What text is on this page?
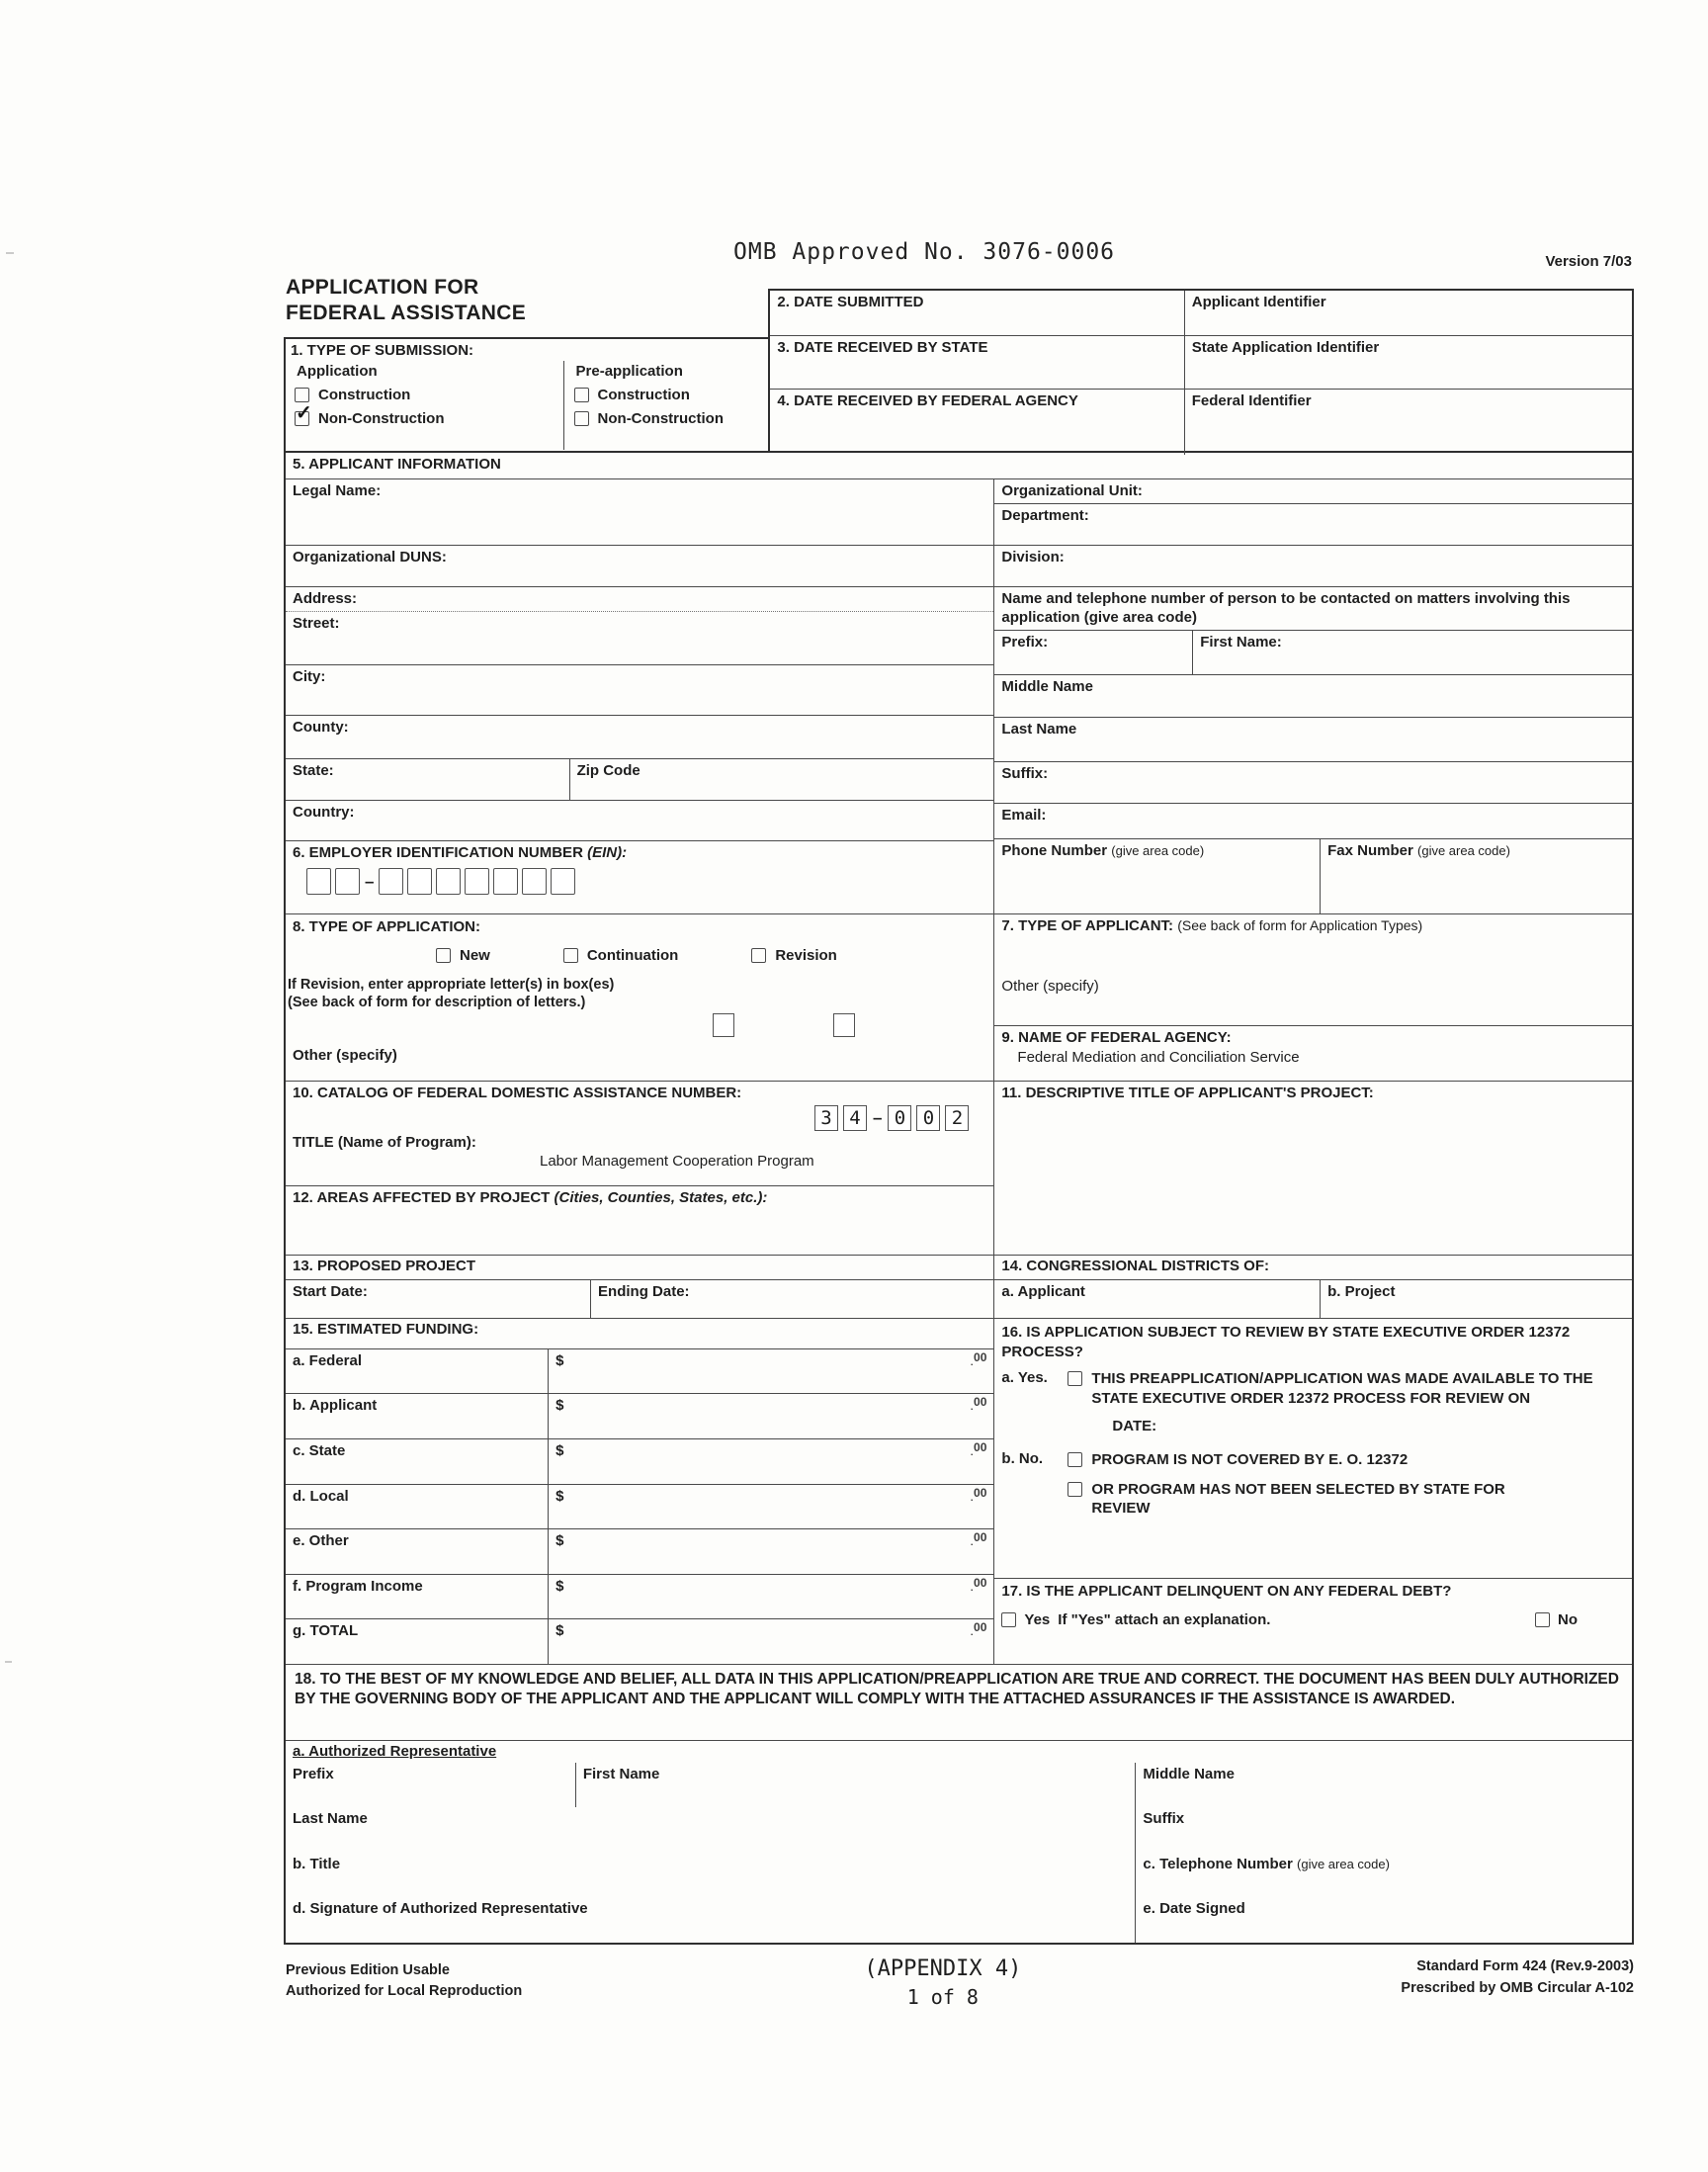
OMB Approved No. 3076-0006	Version 7/03
APPLICATION FOR
FEDERAL ASSISTANCE
1. TYPE OF SUBMISSION:
Application
Construction
✓ Non-Construction
Pre-application
Construction
Non-Construction
2. DATE SUBMITTED	Applicant Identifier
3. DATE RECEIVED BY STATE	State Application Identifier
4. DATE RECEIVED BY FEDERAL AGENCY	Federal Identifier
5. APPLICANT INFORMATION
Legal Name:
Organizational DUNS:
Address:
Street:
City:
County:
State:	Zip Code
Country:
6. EMPLOYER IDENTIFICATION NUMBER (EIN):
–
Organizational Unit:
Department:
Division:
Name and telephone number of person to be contacted on matters involving this application (give area code)
Prefix:	First Name:
Middle Name
Last Name
Suffix:
Email:
Phone Number (give area code)	Fax Number (give area code)
8. TYPE OF APPLICATION:
New	Continuation	Revision
If Revision, enter appropriate letter(s) in box(es)
(See back of form for description of letters.)
Other (specify)
7. TYPE OF APPLICANT: (See back of form for Application Types)
Other (specify)
9. NAME OF FEDERAL AGENCY:
Federal Mediation and Conciliation Service
10. CATALOG OF FEDERAL DOMESTIC ASSISTANCE NUMBER:
3 4 – 0 0 2
TITLE (Name of Program):
Labor Management Cooperation Program
12. AREAS AFFECTED BY PROJECT (Cities, Counties, States, etc.):
11. DESCRIPTIVE TITLE OF APPLICANT'S PROJECT:
13. PROPOSED PROJECT
Start Date:	Ending Date:
14. CONGRESSIONAL DISTRICTS OF:
a. Applicant	b. Project
15. ESTIMATED FUNDING:
a. Federal	$	.$^{00}$
b. Applicant	$	.$^{00}$
c. State	$	.$^{00}$
d. Local	$	.$^{00}$
e. Other	$	.$^{00}$
f. Program Income	$	.$^{00}$
g. TOTAL	$	.$^{00}$
16. IS APPLICATION SUBJECT TO REVIEW BY STATE EXECUTIVE ORDER 12372 PROCESS?
a. Yes.	THIS PREAPPLICATION/APPLICATION WAS MADE AVAILABLE TO THE STATE EXECUTIVE ORDER 12372 PROCESS FOR REVIEW ON
DATE:
b. No.	PROGRAM IS NOT COVERED BY E. O. 12372
OR PROGRAM HAS NOT BEEN SELECTED BY STATE FOR REVIEW
17. IS THE APPLICANT DELINQUENT ON ANY FEDERAL DEBT?
Yes If "Yes" attach an explanation.	No
18. TO THE BEST OF MY KNOWLEDGE AND BELIEF, ALL DATA IN THIS APPLICATION/PREAPPLICATION ARE TRUE AND CORRECT. THE DOCUMENT HAS BEEN DULY AUTHORIZED BY THE GOVERNING BODY OF THE APPLICANT AND THE APPLICANT WILL COMPLY WITH THE ATTACHED ASSURANCES IF THE ASSISTANCE IS AWARDED.
a. Authorized Representative
Prefix	First Name	Middle Name
Last Name	Suffix
b. Title	c. Telephone Number (give area code)
d. Signature of Authorized Representative	e. Date Signed
Previous Edition Usable
Authorized for Local Reproduction
(APPENDIX 4)
1 of 8
Standard Form 424 (Rev.9-2003)
Prescribed by OMB Circular A-102
